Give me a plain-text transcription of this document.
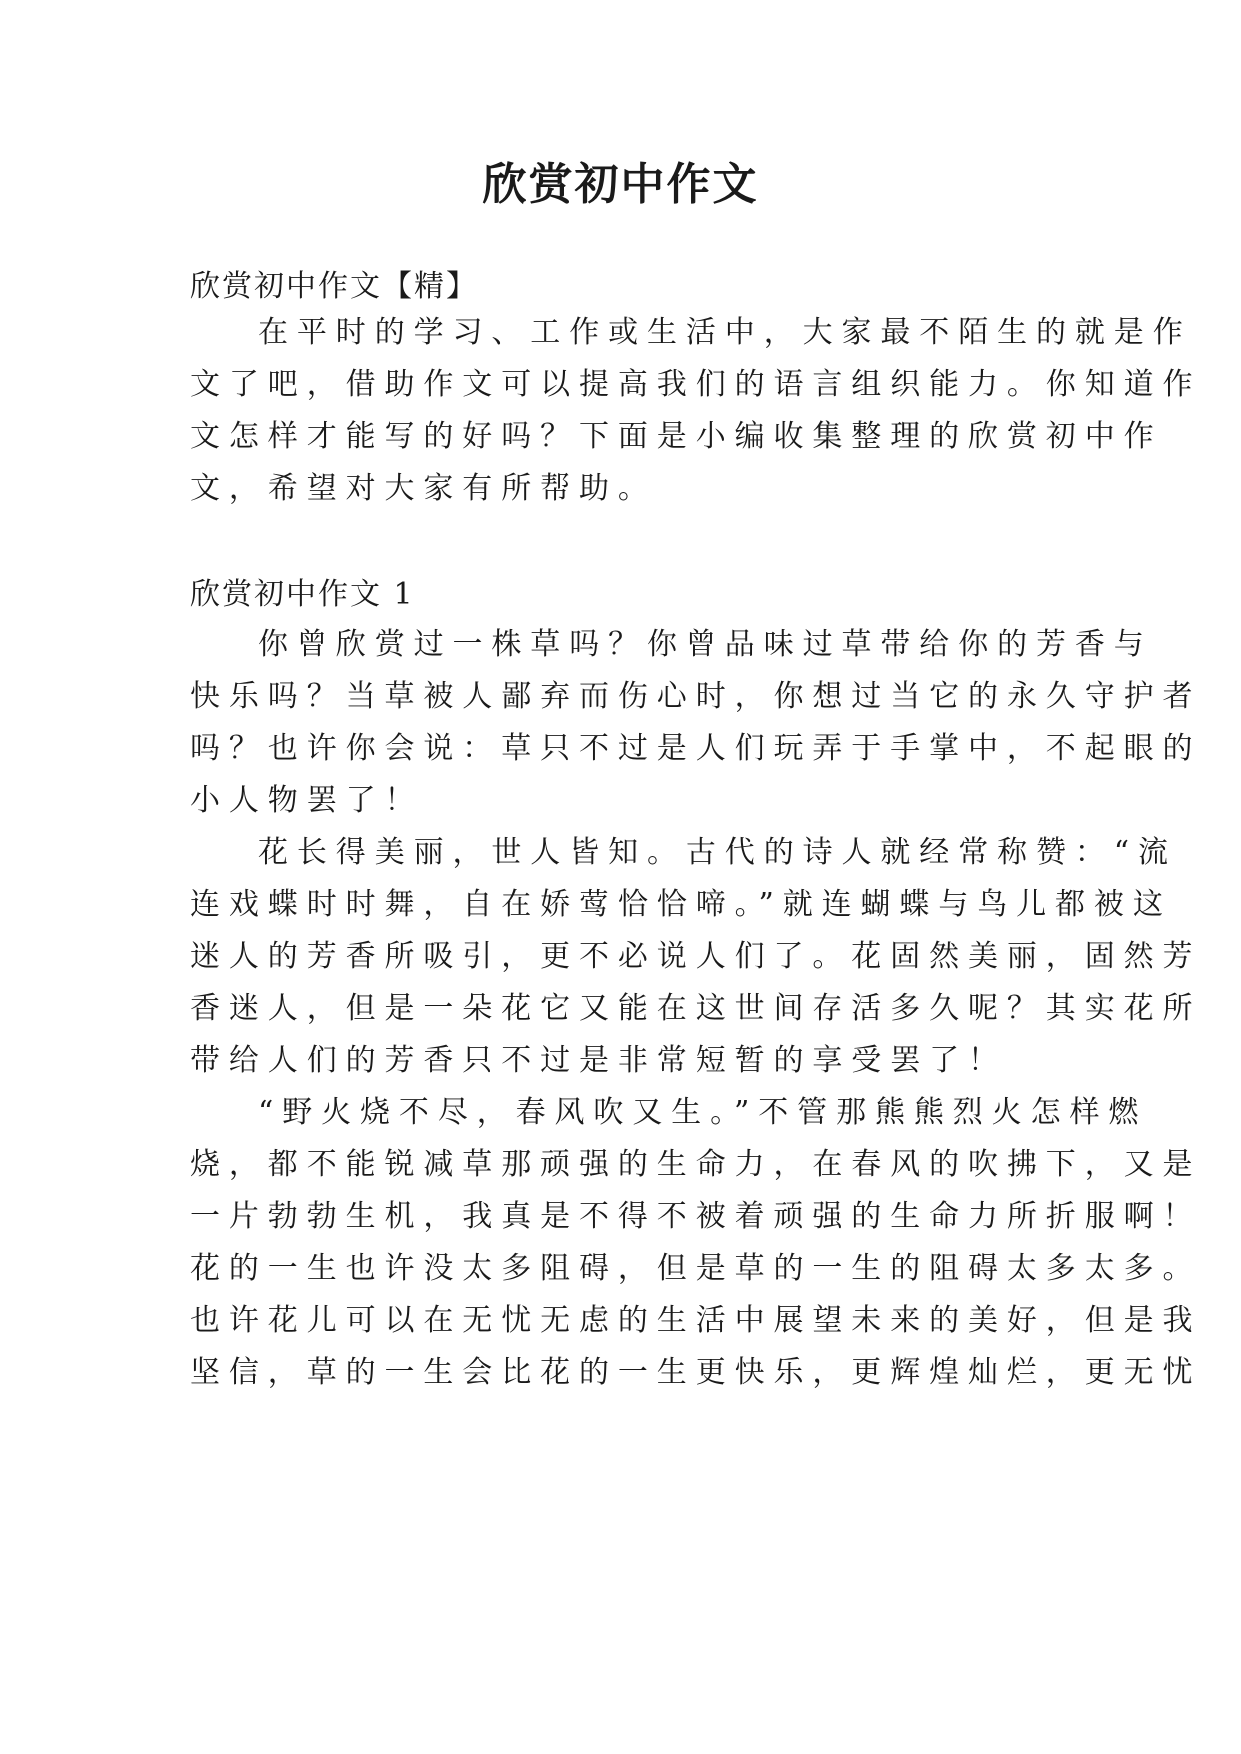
欣赏初中作文

欣赏初中作文【精】

在平时的学习、工作或生活中，大家最不陌生的就是作

文了吧，借助作文可以提高我们的语言组织能力。你知道作

文怎样才能写的好吗？下面是小编收集整理的欣赏初中作

文，希望对大家有所帮助。

欣赏初中作文 1

你曾欣赏过一株草吗？你曾品味过草带给你的芳香与

快乐吗？当草被人鄙弃而伤心时，你想过当它的永久守护者

吗？也许你会说：草只不过是人们玩弄于手掌中，不起眼的

小人物罢了！

花长得美丽，世人皆知。古代的诗人就经常称赞：“流

连戏蝶时时舞，自在娇莺恰恰啼。”就连蝴蝶与鸟儿都被这

迷人的芳香所吸引，更不必说人们了。花固然美丽，固然芳

香迷人，但是一朵花它又能在这世间存活多久呢？其实花所

带给人们的芳香只不过是非常短暂的享受罢了！

“野火烧不尽，春风吹又生。”不管那熊熊烈火怎样燃

烧，都不能锐减草那顽强的生命力，在春风的吹拂下，又是

一片勃勃生机，我真是不得不被着顽强的生命力所折服啊！

花的一生也许没太多阻碍，但是草的一生的阻碍太多太多。

也许花儿可以在无忧无虑的生活中展望未来的美好，但是我

坚信，草的一生会比花的一生更快乐，更辉煌灿烂，更无忧
